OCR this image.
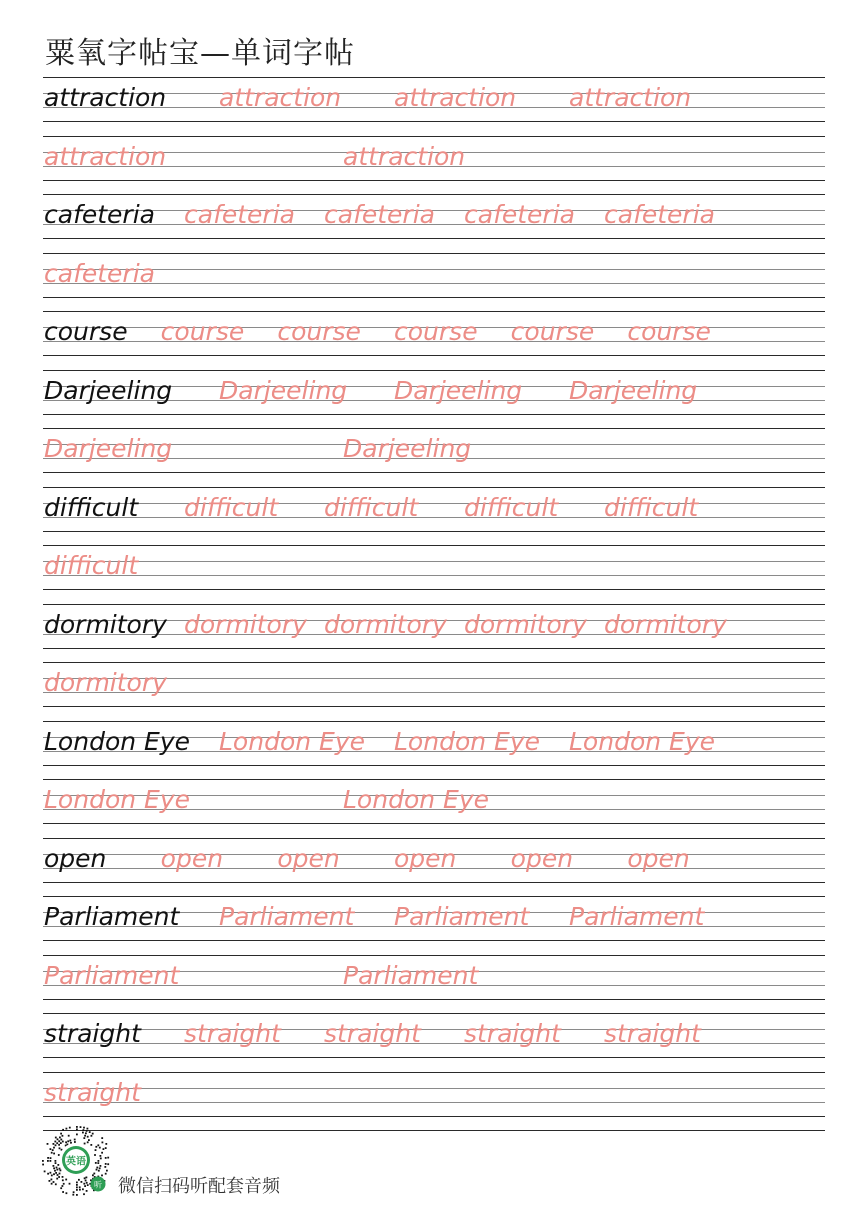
粟氧字帖宝—单词字帖
attraction attraction attraction attraction
attraction	attraction
cafeteria cafeteria cafeteria cafeteria cafeteria
cafeteria
course course course course course course
Darjeeling Darjeeling Darjeeling Darjeeling
Darjeeling	Darjeeling
difficult difficult difficult difficult difficult
difficult
dormitory dormitory dormitory dormitory dormitory
dormitory
London Eye London Eye London Eye London Eye
London Eye	London Eye
open open open open open open
Parliament Parliament Parliament Parliament
Parliament	Parliament
straight straight straight straight straight
straight
英语
听 微信扫码听配套音频
